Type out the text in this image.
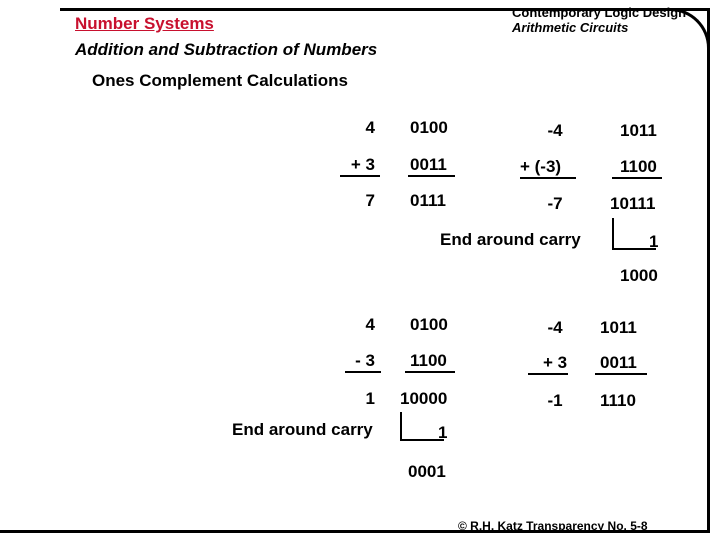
Number Systems
Addition and Subtraction of Numbers
Contemporary Logic Design
Arithmetic Circuits
Ones Complement Calculations
4 0100
+ 3 0011
7 0111
-4	1011
+ (-3)	1100
-7	10111
End around carry	1
1000
4 0100
- 3 1100
1 10000
End around carry	1
0001
-4	1011
+ 3	0011
-1	1110
© R.H. Katz Transparency No. 5-8
